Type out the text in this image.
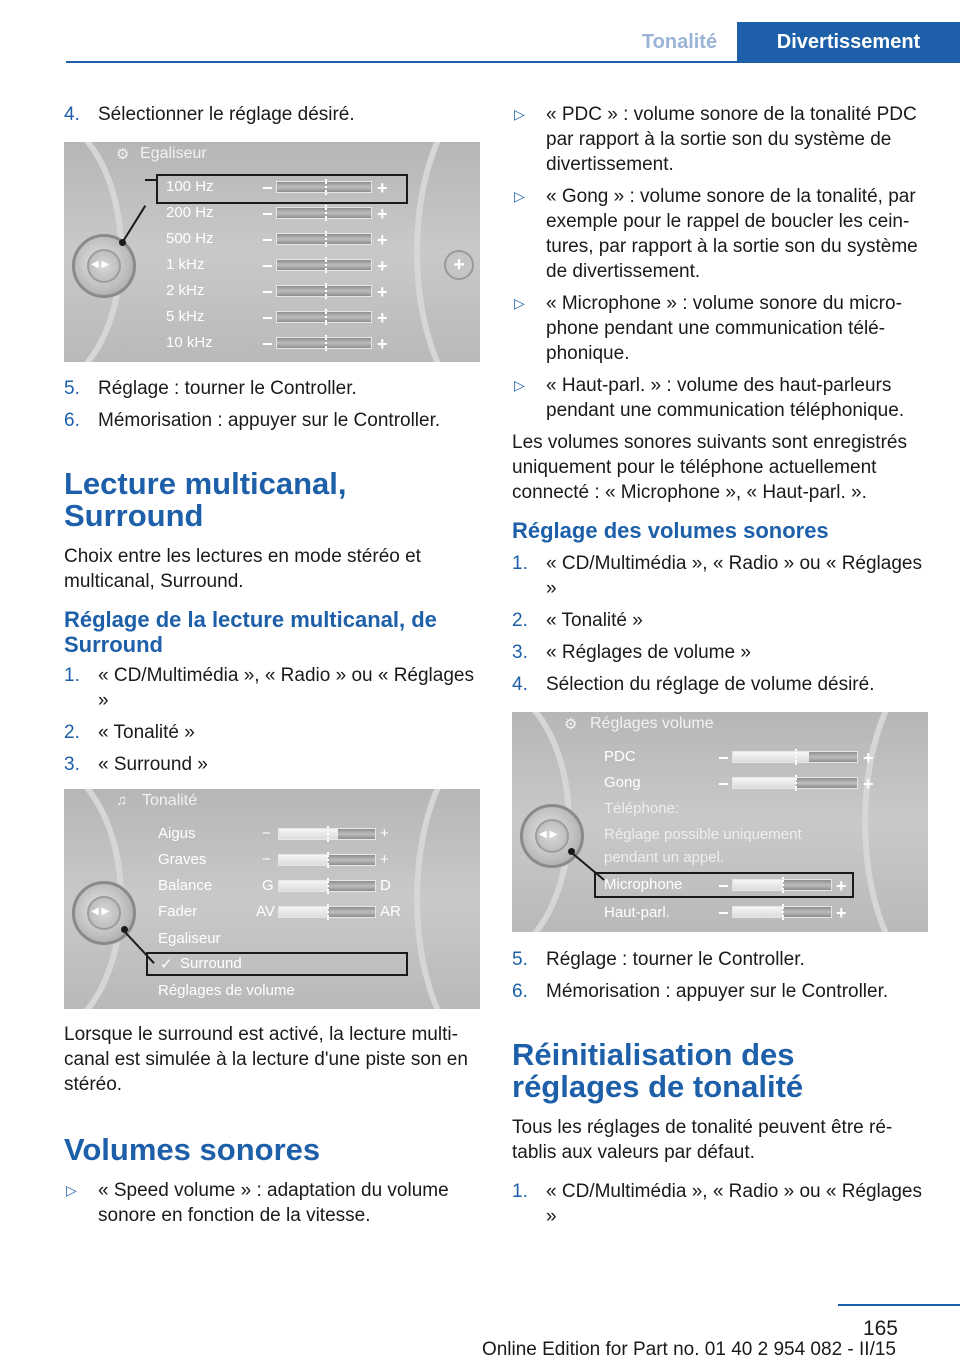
Tonalité	Divertissement
4. Sélectionner le réglage désiré.
⚙ Egaliseur
◀ ▶
100 Hz	−	+
200 Hz	−	+
500 Hz	−	+
1 kHz	−	+
2 kHz	−	+
5 kHz	−	+
10 kHz	−	+
+
5. Réglage : tourner le Controller.
6. Mémorisation : appuyer sur le Controller.
Lecture multicanal, Surround

Choix entre les lectures en mode stéréo et multicanal, Surround.

Réglage de la lecture multicanal, de Surround
1. « CD/Multimédia », « Radio » ou « Réglages »
2. « Tonalité »
3. « Surround »
♫ Tonalité
◀ ▶
Aigus	−	+
Graves	−	+
Balance	G	D
Fader	AV	AR
Egaliseur
✓ Surround
Réglages de volume

Lorsque le surround est activé, la lecture multicanal est simulée à la lecture d'une piste son en stéréo.

Volumes sonores
▷ « Speed volume » : adaptation du volume sonore en fonction de la vitesse.
▷ « PDC » : volume sonore de la tonalité PDC par rapport à la sortie son du système de divertissement.
▷ « Gong » : volume sonore de la tonalité, par exemple pour le rappel de boucler les ceintures, par rapport à la sortie son du système de divertissement.
▷ « Microphone » : volume sonore du microphone pendant une communication téléphonique.
▷ « Haut-parl. » : volume des haut-parleurs pendant une communication téléphonique.

Les volumes sonores suivants sont enregistrés uniquement pour le téléphone actuellement connecté : « Microphone », « Haut-parl. ».

Réglage des volumes sonores
1. « CD/Multimédia », « Radio » ou « Réglages »
2. « Tonalité »
3. « Réglages de volume »
4. Sélection du réglage de volume désiré.
⚙ Réglages volume
◀ ▶
PDC	−	+
Gong	−	+
Téléphone:
Réglage possible uniquement
pendant un appel.
Microphone −	+
Haut-parl.	−	+
5. Réglage : tourner le Controller.
6. Mémorisation : appuyer sur le Controller.
Réinitialisation des réglages de tonalité

Tous les réglages de tonalité peuvent être rétablis aux valeurs par défaut.

1. « CD/Multimédia », « Radio » ou « Réglages »
165
Online Edition for Part no. 01 40 2 954 082 - II/15
